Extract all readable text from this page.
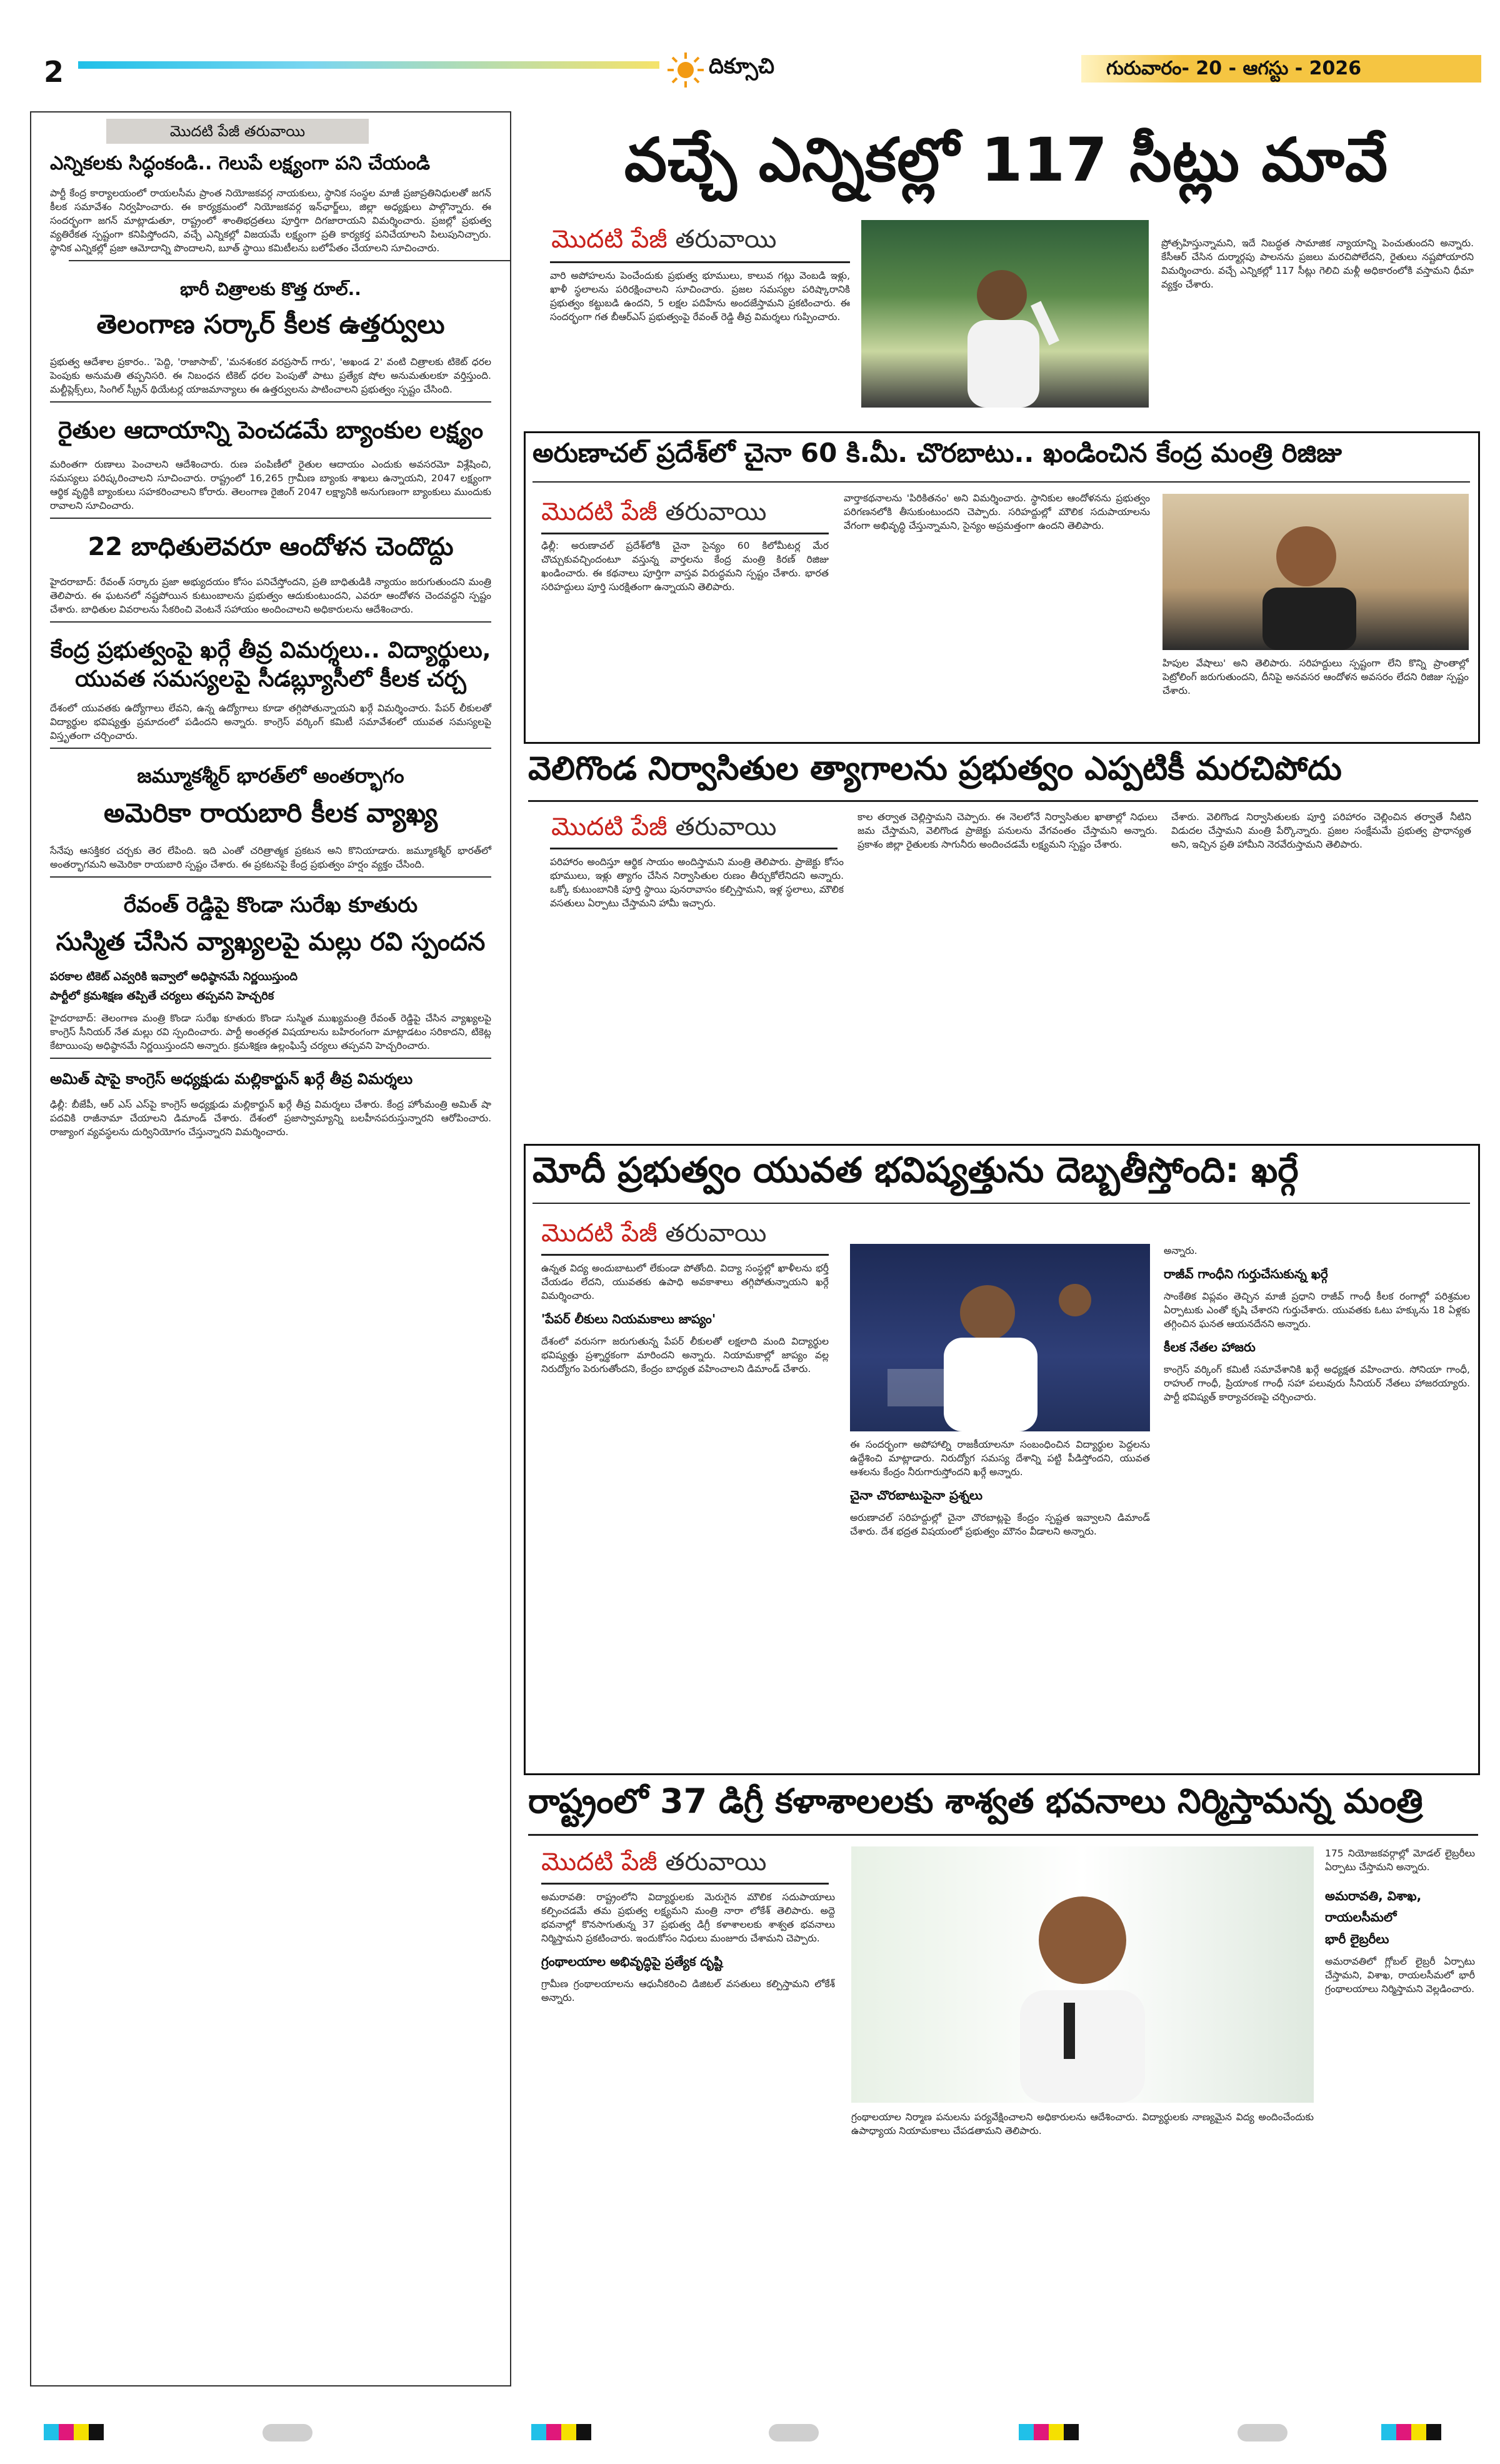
2	దిక్సూచి	గురువారం- 20 - ఆగస్టు - 2026
మొదటి పేజీ తరువాయి
ఎన్నికలకు సిద్ధంకండి.. గెలుపే లక్ష్యంగా పని చేయండి

పార్టీ కేంద్ర కార్యాలయంలో రాయలసీమ ప్రాంత నియోజకవర్గ నాయకులు, స్థానిక సంస్థల మాజీ ప్రజాప్రతినిధులతో జగన్ కీలక సమావేశం నిర్వహించారు. ఈ కార్యక్రమంలో నియోజకవర్గ ఇన్‌ఛార్జ్‌లు, జిల్లా అధ్యక్షులు పాల్గొన్నారు. ఈ సందర్భంగా జగన్ మాట్లాడుతూ, రాష్ట్రంలో శాంతిభద్రతలు పూర్తిగా దిగజారాయని విమర్శించారు. ప్రజల్లో ప్రభుత్వ వ్యతిరేకత స్పష్టంగా కనిపిస్తోందని, వచ్చే ఎన్నికల్లో విజయమే లక్ష్యంగా ప్రతి కార్యకర్త పనిచేయాలని పిలుపునిచ్చారు. స్థానిక ఎన్నికల్లో ప్రజా ఆమోదాన్ని పొందాలని, బూత్ స్థాయి కమిటీలను బలోపేతం చేయాలని సూచించారు.

భారీ చిత్రాలకు కొత్త రూల్..
తెలంగాణ సర్కార్ కీలక ఉత్తర్వులు

ప్రభుత్వ ఆదేశాల ప్రకారం.. 'పెద్ది, 'రాజాసాబ్', 'మనశంకర వరప్రసాద్ గారు', 'అఖండ 2' వంటి చిత్రాలకు టికెట్ ధరల పెంపుకు అనుమతి తప్పనిసరి. ఈ నిబంధన టికెట్ ధరల పెంపుతో పాటు ప్రత్యేక షోల అనుమతులకూ వర్తిస్తుంది. మల్టీప్లెక్స్‌లు, సింగిల్ స్క్రీన్ థియేటర్ల యాజమాన్యాలు ఈ ఉత్తర్వులను పాటించాలని ప్రభుత్వం స్పష్టం చేసింది.

రైతుల ఆదాయాన్ని పెంచడమే బ్యాంకుల లక్ష్యం

మరింతగా రుణాలు పెంచాలని ఆదేశించారు. రుణ పంపిణీలో రైతుల ఆదాయం ఎందుకు అవసరమో విశ్లేషించి, సమస్యలు పరిష్కరించాలని సూచించారు. రాష్ట్రంలో 16,265 గ్రామీణ బ్యాంకు శాఖలు ఉన్నాయని, 2047 లక్ష్యంగా ఆర్థిక వృద్ధికి బ్యాంకులు సహకరించాలని కోరారు. తెలంగాణ రైజింగ్ 2047 లక్ష్యానికి అనుగుణంగా బ్యాంకులు ముందుకు రావాలని సూచించారు.

22 బాధితులెవరూ ఆందోళన చెందొద్దు

హైదరాబాద్: రేవంత్ సర్కారు ప్రజా అభ్యుదయం కోసం పనిచేస్తోందని, ప్రతి బాధితుడికి న్యాయం జరుగుతుందని మంత్రి తెలిపారు. ఈ ఘటనలో నష్టపోయిన కుటుంబాలను ప్రభుత్వం ఆదుకుంటుందని, ఎవరూ ఆందోళన చెందవద్దని స్పష్టం చేశారు. బాధితుల వివరాలను సేకరించి వెంటనే సహాయం అందించాలని అధికారులను ఆదేశించారు.

కేంద్ర ప్రభుత్వంపై ఖర్గే తీవ్ర విమర్శలు.. విద్యార్థులు, యువత సమస్యలపై సీడబ్ల్యూసీలో కీలక చర్చ

దేశంలో యువతకు ఉద్యోగాలు లేవని, ఉన్న ఉద్యోగాలు కూడా తగ్గిపోతున్నాయని ఖర్గే విమర్శించారు. పేపర్ లీకులతో విద్యార్థుల భవిష్యత్తు ప్రమాదంలో పడిందని అన్నారు. కాంగ్రెస్ వర్కింగ్ కమిటీ సమావేశంలో యువత సమస్యలపై విస్తృతంగా చర్చించారు.

జమ్మూకశ్మీర్ భారత్‌లో అంతర్భాగం
అమెరికా రాయబారి కీలక వ్యాఖ్య

సేనేపు ఆసక్తికర చర్చకు తెర లేపింది. ఇది ఎంతో చరిత్రాత్మక ప్రకటన అని కొనియాడారు. జమ్మూకశ్మీర్ భారత్‌లో అంతర్భాగమని అమెరికా రాయబారి స్పష్టం చేశారు. ఈ ప్రకటనపై కేంద్ర ప్రభుత్వం హర్షం వ్యక్తం చేసింది.

రేవంత్ రెడ్డిపై కొండా సురేఖ కూతురు
సుస్మిత చేసిన వ్యాఖ్యలపై మల్లు రవి స్పందన
పరకాల టికెట్ ఎవ్వరికి ఇవ్వాలో అధిష్ఠానమే నిర్ణయిస్తుంది
పార్టీలో క్రమశిక్షణ తప్పితే చర్యలు తప్పవని హెచ్చరిక

హైదరాబాద్: తెలంగాణ మంత్రి కొండా సురేఖ కూతురు కొండా సుస్మిత ముఖ్యమంత్రి రేవంత్ రెడ్డిపై చేసిన వ్యాఖ్యలపై కాంగ్రెస్ సీనియర్ నేత మల్లు రవి స్పందించారు. పార్టీ అంతర్గత విషయాలను బహిరంగంగా మాట్లాడటం సరికాదని, టికెట్ల కేటాయింపు అధిష్ఠానమే నిర్ణయిస్తుందని అన్నారు. క్రమశిక్షణ ఉల్లంఘిస్తే చర్యలు తప్పవని హెచ్చరించారు.

అమిత్ షాపై కాంగ్రెస్ అధ్యక్షుడు మల్లికార్జున్ ఖర్గే తీవ్ర విమర్శలు

ఢిల్లీ: బీజేపీ, ఆర్ ఎస్ ఎస్‌పై కాంగ్రెస్ అధ్యక్షుడు మల్లికార్జున్ ఖర్గే తీవ్ర విమర్శలు చేశారు. కేంద్ర హోంమంత్రి అమిత్ షా పదవికి రాజీనామా చేయాలని డిమాండ్ చేశారు. దేశంలో ప్రజాస్వామ్యాన్ని బలహీనపరుస్తున్నారని ఆరోపించారు. రాజ్యాంగ వ్యవస్థలను దుర్వినియోగం చేస్తున్నారని విమర్శించారు.

వచ్చే ఎన్నికల్లో 117 సీట్లు మావే
మొదటి పేజీ తరువాయి

వారి అపోహలను పెంచేందుకు ప్రభుత్వ భూములు, కాలువ గట్లు వెంబడి ఇళ్లు, ఖాళీ స్థలాలను పరిరక్షించాలని సూచించారు. ప్రజల సమస్యల పరిష్కారానికి ప్రభుత్వం కట్టుబడి ఉందని, 5 లక్షల పదిహేను అందజేస్తామని ప్రకటించారు. ఈ సందర్భంగా గత బీఆర్ఎస్ ప్రభుత్వంపై రేవంత్ రెడ్డి తీవ్ర విమర్శలు గుప్పించారు.

ప్రోత్సహిస్తున్నామని, ఇదే నిబద్ధత సామాజిక న్యాయాన్ని పెంచుతుందని అన్నారు. కేసీఆర్ చేసిన దుర్మార్గపు పాలనను ప్రజలు మరచిపోలేదని, రైతులు నష్టపోయారని విమర్శించారు. వచ్చే ఎన్నికల్లో 117 సీట్లు గెలిచి మళ్లీ అధికారంలోకి వస్తామని ధీమా వ్యక్తం చేశారు.

అరుణాచల్ ప్రదేశ్‌లో చైనా 60 కి.మీ. చొరబాటు.. ఖండించిన కేంద్ర మంత్రి రిజిజు
మొదటి పేజీ తరువాయి

ఢిల్లీ: అరుణాచల్ ప్రదేశ్‌లోకి చైనా సైన్యం 60 కిలోమీటర్ల మేర చొచ్చుకువచ్చిందంటూ వస్తున్న వార్తలను కేంద్ర మంత్రి కిరణ్ రిజిజు ఖండించారు. ఈ కథనాలు పూర్తిగా వాస్తవ విరుద్ధమని స్పష్టం చేశారు. భారత సరిహద్దులు పూర్తి సురక్షితంగా ఉన్నాయని తెలిపారు.

వార్తాకథనాలను 'పిరికితనం' అని విమర్శించారు. స్థానికుల ఆందోళనను ప్రభుత్వం పరిగణనలోకి తీసుకుంటుందని చెప్పారు. సరిహద్దుల్లో మౌలిక సదుపాయాలను వేగంగా అభివృద్ధి చేస్తున్నామని, సైన్యం అప్రమత్తంగా ఉందని తెలిపారు.

హిపుల వేషాలు' అని తెలిపారు. సరిహద్దులు స్పష్టంగా లేని కొన్ని ప్రాంతాల్లో పెట్రోలింగ్ జరుగుతుందని, దీనిపై అనవసర ఆందోళన అవసరం లేదని రిజిజు స్పష్టం చేశారు.

వెలిగొండ నిర్వాసితుల త్యాగాలను ప్రభుత్వం ఎప్పటికీ మరచిపోదు
మొదటి పేజీ తరువాయి

పరిహారం అందిస్తూ ఆర్థిక సాయం అందిస్తామని మంత్రి తెలిపారు. ప్రాజెక్టు కోసం భూములు, ఇళ్లు త్యాగం చేసిన నిర్వాసితుల రుణం తీర్చుకోలేనిదని అన్నారు. ఒక్కో కుటుంబానికి పూర్తి స్థాయి పునరావాసం కల్పిస్తామని, ఇళ్ల స్థలాలు, మౌలిక వసతులు ఏర్పాటు చేస్తామని హామీ ఇచ్చారు.

కాల తర్వాత చెల్లిస్తామని చెప్పారు. ఈ నెలలోనే నిర్వాసితుల ఖాతాల్లో నిధులు జమ చేస్తామని, వెలిగొండ ప్రాజెక్టు పనులను వేగవంతం చేస్తామని అన్నారు. ప్రకాశం జిల్లా రైతులకు సాగునీరు అందించడమే లక్ష్యమని స్పష్టం చేశారు.

చేశారు. వెలిగొండ నిర్వాసితులకు పూర్తి పరిహారం చెల్లించిన తర్వాతే నీటిని విడుదల చేస్తామని మంత్రి పేర్కొన్నారు. ప్రజల సంక్షేమమే ప్రభుత్వ ప్రాధాన్యత అని, ఇచ్చిన ప్రతి హామీని నెరవేరుస్తామని తెలిపారు.

మోదీ ప్రభుత్వం యువత భవిష్యత్తును దెబ్బతీస్తోంది: ఖర్గే
మొదటి పేజీ తరువాయి

ఉన్నత విద్య అందుబాటులో లేకుండా పోతోంది. విద్యా సంస్థల్లో ఖాళీలను భర్తీ చేయడం లేదని, యువతకు ఉపాధి అవకాశాలు తగ్గిపోతున్నాయని ఖర్గే విమర్శించారు.

'పేపర్ లీకులు నియమకాలు జాప్యం'

దేశంలో వరుసగా జరుగుతున్న పేపర్ లీకులతో లక్షలాది మంది విద్యార్థుల భవిష్యత్తు ప్రశ్నార్థకంగా మారిందని అన్నారు. నియామకాల్లో జాప్యం వల్ల నిరుద్యోగం పెరుగుతోందని, కేంద్రం బాధ్యత వహించాలని డిమాండ్ చేశారు.

ఈ సందర్భంగా అపోహాల్ని రాజకీయాలనూ సంబంధించిన విద్యార్థుల పెద్దలను ఉద్దేశించి మాట్లాడారు. నిరుద్యోగ సమస్య దేశాన్ని పట్టి పీడిస్తోందని, యువత ఆశలను కేంద్రం నీరుగారుస్తోందని ఖర్గే అన్నారు.

చైనా చొరబాటుపైనా ప్రశ్నలు

అరుణాచల్ సరిహద్దుల్లో చైనా చొరబాట్లపై కేంద్రం స్పష్టత ఇవ్వాలని డిమాండ్ చేశారు. దేశ భద్రత విషయంలో ప్రభుత్వం మౌనం వీడాలని అన్నారు.

అన్నారు.

రాజీవ్ గాంధీని గుర్తుచేసుకున్న ఖర్గే

సాంకేతిక విప్లవం తెచ్చిన మాజీ ప్రధాని రాజీవ్ గాంధీ కీలక రంగాల్లో పరిశ్రమల ఏర్పాటుకు ఎంతో కృషి చేశారని గుర్తుచేశారు. యువతకు ఓటు హక్కును 18 ఏళ్లకు తగ్గించిన ఘనత ఆయనదేనని అన్నారు.

కీలక నేతల హాజరు

కాంగ్రెస్ వర్కింగ్ కమిటీ సమావేశానికి ఖర్గే అధ్యక్షత వహించారు. సోనియా గాంధీ, రాహుల్ గాంధీ, ప్రియాంక గాంధీ సహా పలువురు సీనియర్ నేతలు హాజరయ్యారు. పార్టీ భవిష్యత్ కార్యాచరణపై చర్చించారు.

రాష్ట్రంలో 37 డిగ్రీ కళాశాలలకు శాశ్వత భవనాలు నిర్మిస్తామన్న మంత్రి
మొదటి పేజీ తరువాయి

అమరావతి: రాష్ట్రంలోని విద్యార్థులకు మెరుగైన మౌలిక సదుపాయాలు కల్పించడమే తమ ప్రభుత్వ లక్ష్యమని మంత్రి నారా లోకేశ్ తెలిపారు. అద్దె భవనాల్లో కొనసాగుతున్న 37 ప్రభుత్వ డిగ్రీ కళాశాలలకు శాశ్వత భవనాలు నిర్మిస్తామని ప్రకటించారు. ఇందుకోసం నిధులు మంజూరు చేశామని చెప్పారు.

గ్రంథాలయాల అభివృద్ధిపై ప్రత్యేక దృష్టి

గ్రామీణ గ్రంథాలయాలను ఆధునీకరించి డిజిటల్ వసతులు కల్పిస్తామని లోకేశ్ అన్నారు.

గ్రంథాలయాల నిర్మాణ పనులను పర్యవేక్షించాలని అధికారులను ఆదేశించారు. విద్యార్థులకు నాణ్యమైన విద్య అందించేందుకు ఉపాధ్యాయ నియామకాలు చేపడతామని తెలిపారు.

175 నియోజకవర్గాల్లో మోడల్ లైబ్రరీలు ఏర్పాటు చేస్తామని అన్నారు.

అమరావతి, విశాఖ, రాయలసీమలో
భారీ లైబ్రరీలు

అమరావతిలో గ్లోబల్ లైబ్రరీ ఏర్పాటు చేస్తామని, విశాఖ, రాయలసీమలో భారీ గ్రంథాలయాలు నిర్మిస్తామని వెల్లడించారు.
